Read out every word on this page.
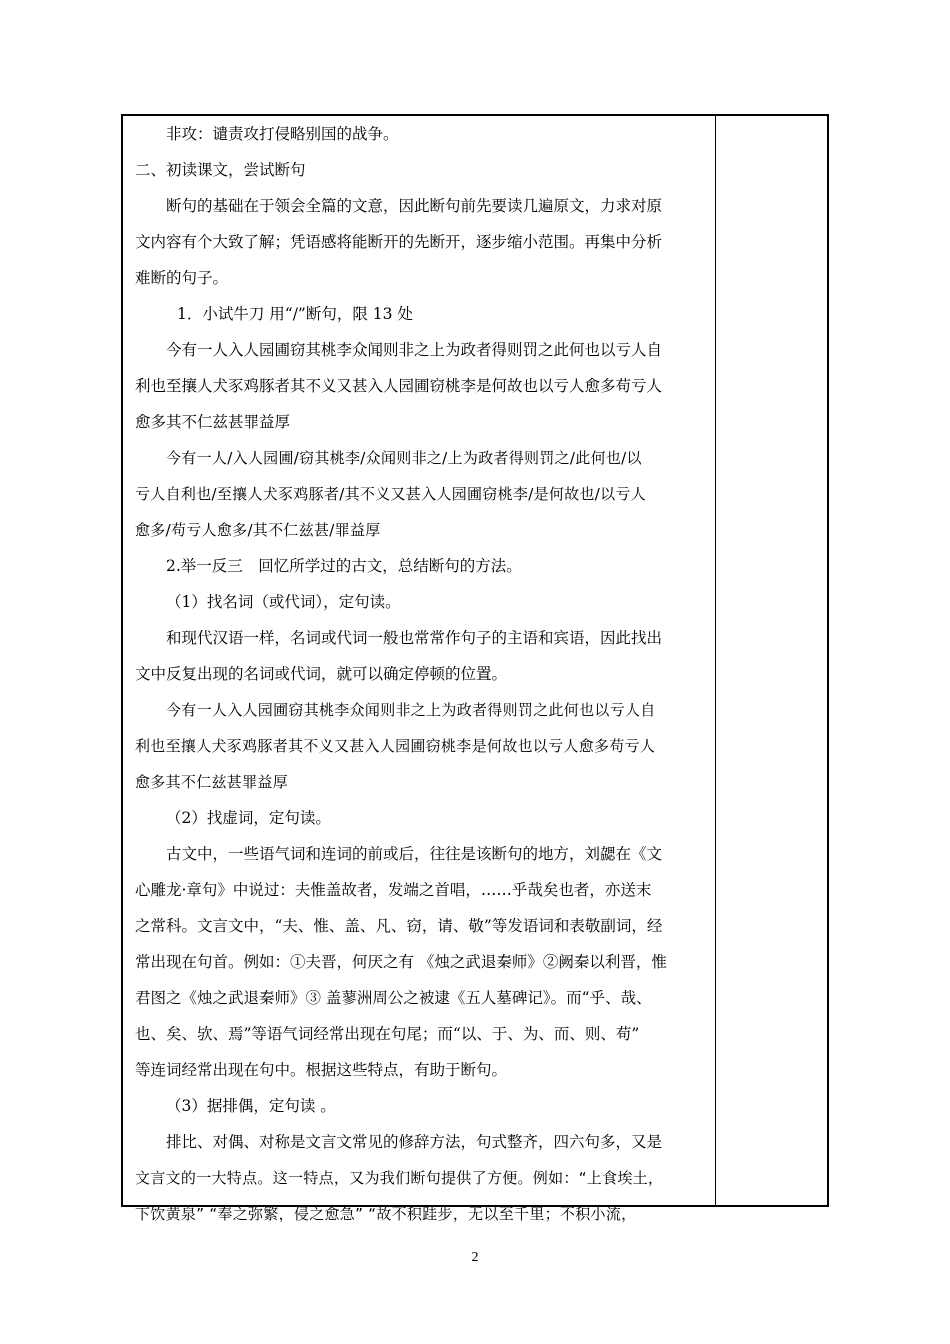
非攻：谴责攻打侵略别国的战争。

二、初读课文，尝试断句

断句的基础在于领会全篇的文意，因此断句前先要读几遍原文，力求对原

文内容有个大致了解；凭语感将能断开的先断开，逐步缩小范围。再集中分析

难断的句子。

1．小试牛刀 用“/”断句，限 13 处

今有一人入人园圃窃其桃李众闻则非之上为政者得则罚之此何也以亏人自

利也至攘人犬豕鸡豚者其不义又甚入人园圃窃桃李是何故也以亏人愈多苟亏人

愈多其不仁兹甚罪益厚

今有一人/入人园圃/窃其桃李/众闻则非之/上为政者得则罚之/此何也/以

亏人自利也/至攘人犬豕鸡豚者/其不义又甚入人园圃窃桃李/是何故也/以亏人

愈多/苟亏人愈多/其不仁兹甚/罪益厚

2.举一反三　回忆所学过的古文，总结断句的方法。

（1）找名词（或代词），定句读。

和现代汉语一样，名词或代词一般也常常作句子的主语和宾语，因此找出

文中反复出现的名词或代词，就可以确定停顿的位置。

今有一人入人园圃窃其桃李众闻则非之上为政者得则罚之此何也以亏人自

利也至攘人犬豕鸡豚者其不义又甚入人园圃窃桃李是何故也以亏人愈多苟亏人

愈多其不仁兹甚罪益厚

（2）找虚词，定句读。

古文中，一些语气词和连词的前或后，往往是该断句的地方，刘勰在《文

心雕龙·章句》中说过：夫惟盖故者，发端之首唱，……乎哉矣也者，亦送末

之常科。文言文中，“夫、惟、盖、凡、窃，请、敬”等发语词和表敬副词，经

常出现在句首。例如：①夫晋，何厌之有 《烛之武退秦师》②阙秦以利晋，惟

君图之《烛之武退秦师》③ 盖蓼洲周公之被逮《五人墓碑记》。而“乎、哉、

也、矣、欤、焉”等语气词经常出现在句尾；而“以、于、为、而、则、苟”

等连词经常出现在句中。根据这些特点，有助于断句。

（3）据排偶，定句读 。

排比、对偶、对称是文言文常见的修辞方法，句式整齐，四六句多，又是

文言文的一大特点。这一特点，又为我们断句提供了方便。例如：“上食埃土，

下饮黄泉” “奉之弥繁，侵之愈急” “故不积跬步，无以至千里；不积小流，

2
